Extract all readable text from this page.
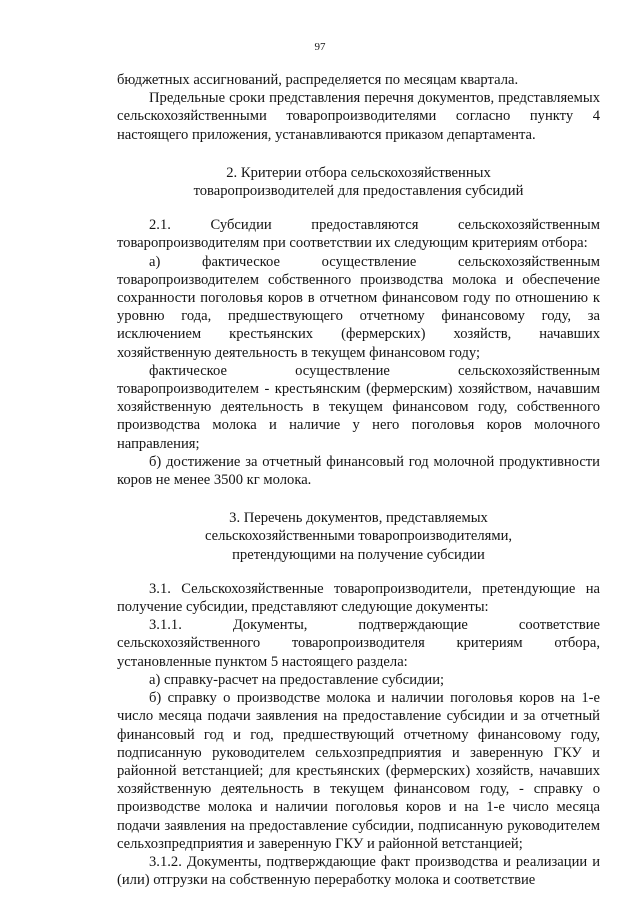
97

бюджетных ассигнований, распределяется по месяцам квартала.

Предельные сроки представления перечня документов, представляемых сельскохозяйственными товаропроизводителями согласно пункту 4 настоящего приложения, устанавливаются приказом департамента.

2. Критерии отбора сельскохозяйственных

товаропроизводителей для предоставления субсидий

2.1.	Субсидии	предоставляются	сельскохозяйственным

товаропроизводителям при соответствии их следующим критериям отбора:

а)	фактическое	осуществление	сельскохозяйственным

товаропроизводителем собственного производства молока и обеспечение сохранности поголовья коров в отчетном финансовом году по отношению к уровню года, предшествующего отчетному финансовому году, за исключением крестьянских (фермерских) хозяйств, начавших хозяйственную деятельность в текущем финансовом году;

фактическое	осуществление	сельскохозяйственным

товаропроизводителем - крестьянским (фермерским) хозяйством, начавшим хозяйственную деятельность в текущем финансовом году, собственного производства молока и наличие у него поголовья коров молочного направления;

б) достижение за отчетный финансовый год молочной продуктивности коров не менее 3500 кг молока.

3. Перечень документов, представляемых

сельскохозяйственными товаропроизводителями,

претендующими на получение субсидии

3.1. Сельскохозяйственные товаропроизводители, претендующие на получение субсидии, представляют следующие документы:

3.1.1. Документы, подтверждающие соответствие сельскохозяйственного товаропроизводителя критериям отбора, установленные пунктом 5 настоящего раздела:

а) справку-расчет на предоставление субсидии;

б) справку о производстве молока и наличии поголовья коров на 1-е число месяца подачи заявления на предоставление субсидии и за отчетный финансовый год и год, предшествующий отчетному финансовому году, подписанную руководителем сельхозпредприятия и заверенную ГКУ и районной ветстанцией; для крестьянских (фермерских) хозяйств, начавших хозяйственную деятельность в текущем финансовом году, - справку о производстве молока и наличии поголовья коров и на 1-е число месяца подачи заявления на предоставление субсидии, подписанную руководителем сельхозпредприятия и заверенную ГКУ и районной ветстанцией;

3.1.2. Документы, подтверждающие факт производства и реализации и (или) отгрузки на собственную переработку молока и соответствие
